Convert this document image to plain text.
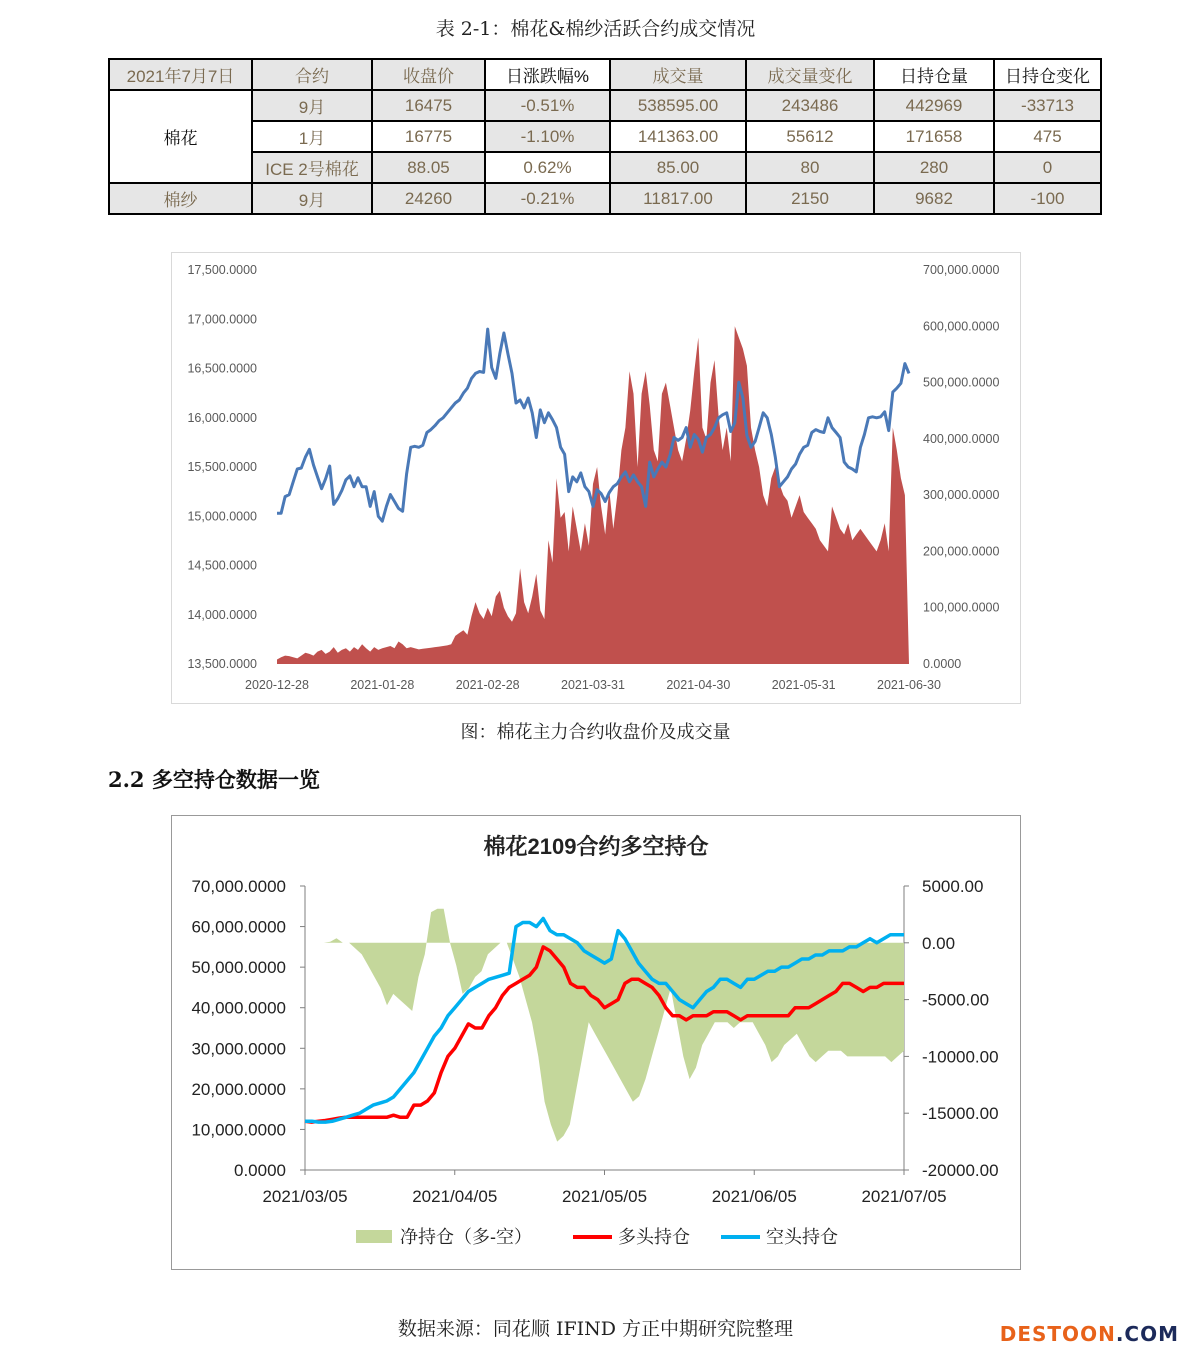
表 2-1：棉花&棉纱活跃合约成交情况
2021年7月7日	合约	收盘价	日涨跌幅%	成交量	成交量变化	日持仓量	日持仓变化
棉花	9月	16475	-0.51%	538595.00	243486	442969	-33713
	1月	16775	-1.10%	141363.00	55612	171658	475
	ICE 2号棉花	88.05	0.62%	85.00	80	280	0
棉纱	9月	24260	-0.21%	11817.00	2150	9682	-100
17,500.0000
17,000.0000
16,500.0000
16,000.0000
15,500.0000
15,000.0000
14,500.0000
14,000.0000
13,500.0000
700,000.0000
600,000.0000
500,000.0000
400,000.0000
300,000.0000
200,000.0000
100,000.0000
0.0000
2020-12-28	2021-01-28	2021-02-28	2021-03-31	2021-04-30	2021-05-31	2021-06-30
图：棉花主力合约收盘价及成交量
2.2 多空持仓数据一览
棉花2109合约多空持仓
70,000.0000
60,000.0000
50,000.0000
40,000.0000
30,000.0000
20,000.0000
10,000.0000
0.0000
5000.00
0.00
-5000.00
-10000.00
-15000.00
-20000.00
2021/03/05	2021/04/05	2021/05/05	2021/06/05	2021/07/05
净持仓（多-空）	多头持仓	空头持仓
数据来源：同花顺 IFIND 方正中期研究院整理	DESTOON.COM
